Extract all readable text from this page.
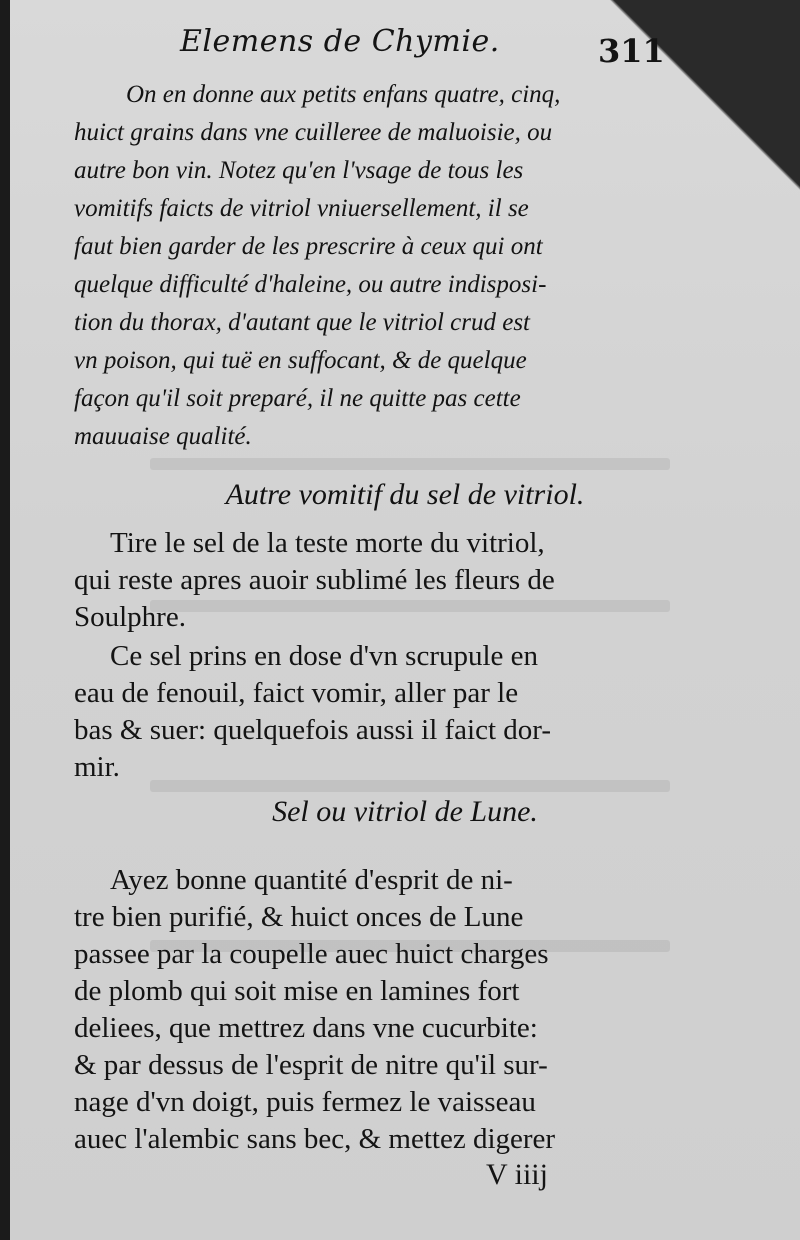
Elemens de Chymie.	311
On en donne aux petits enfans quatre, cinq,
huict grains dans vne cuilleree de maluoisie, ou
autre bon vin. Notez qu'en l'vsage de tous les
vomitifs faicts de vitriol vniuersellement, il se
faut bien garder de les prescrire à ceux qui ont
quelque difficulté d'haleine, ou autre indisposi-
tion du thorax, d'autant que le vitriol crud est
vn poison, qui tuë en suffocant, & de quelque
façon qu'il soit preparé, il ne quitte pas cette
mauuaise qualité.
Autre vomitif du sel de vitriol.
Tire le sel de la teste morte du vitriol,
qui reste apres auoir sublimé les fleurs de
Soulphre.
Ce sel prins en dose d'vn scrupule en
eau de fenouil, faict vomir, aller par le
bas & suer: quelquefois aussi il faict dor-
mir.
Sel ou vitriol de Lune.
Ayez bonne quantité d'esprit de ni-
tre bien purifié, & huict onces de Lune
passee par la coupelle auec huict charges
de plomb qui soit mise en lamines fort
deliees, que mettrez dans vne cucurbite:
& par dessus de l'esprit de nitre qu'il sur-
nage d'vn doigt, puis fermez le vaisseau
auec l'alembic sans bec, & mettez digerer
V iiij
